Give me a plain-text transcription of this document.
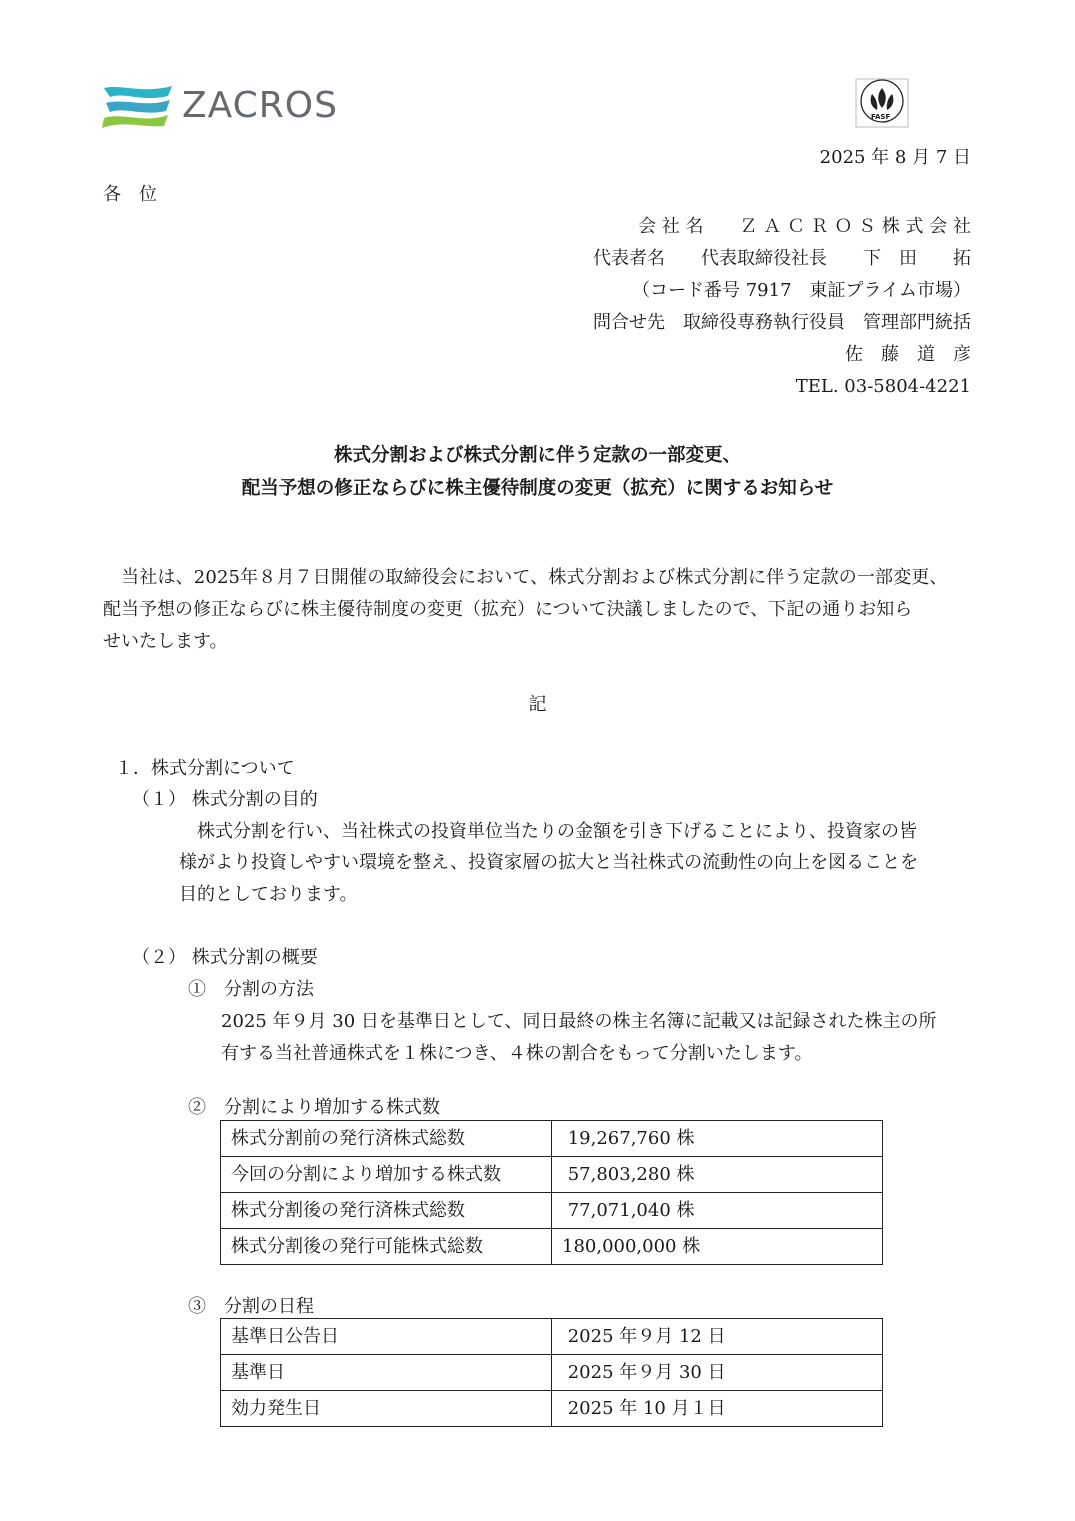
ZACROS	FASF
2025 年 8 月 7 日
各　位
会 社 名　　Ｚ Ａ Ｃ Ｒ Ｏ Ｓ 株 式 会 社
代表者名　　代表取締役社長　　下　田　　拓
（コード番号 7917　東証プライム市場）
問合せ先　取締役専務執行役員　管理部門統括
佐　藤　道　彦
TEL. 03-5804-4221
株式分割および株式分割に伴う定款の一部変更、
配当予想の修正ならびに株主優待制度の変更（拡充）に関するお知らせ
　当社は、2025年８月７日開催の取締役会において、株式分割および株式分割に伴う定款の一部変更、
配当予想の修正ならびに株主優待制度の変更（拡充）について決議しましたので、下記の通りお知ら
せいたします。
記
１．株式分割について
（１） 株式分割の目的
　株式分割を行い、当社株式の投資単位当たりの金額を引き下げることにより、投資家の皆
様がより投資しやすい環境を整え、投資家層の拡大と当社株式の流動性の向上を図ることを
目的としております。
（２） 株式分割の概要
①　分割の方法
2025 年９月 30 日を基準日として、同日最終の株主名簿に記載又は記録された株主の所
有する当社普通株式を１株につき、４株の割合をもって分割いたします。
②　分割により増加する株式数
株式分割前の発行済株式総数	19,267,760 株
今回の分割により増加する株式数	57,803,280 株
株式分割後の発行済株式総数	77,071,040 株
株式分割後の発行可能株式総数	180,000,000 株
③　分割の日程
基準日公告日	2025 年９月 12 日
基準日	2025 年９月 30 日
効力発生日	2025 年 10 月１日
